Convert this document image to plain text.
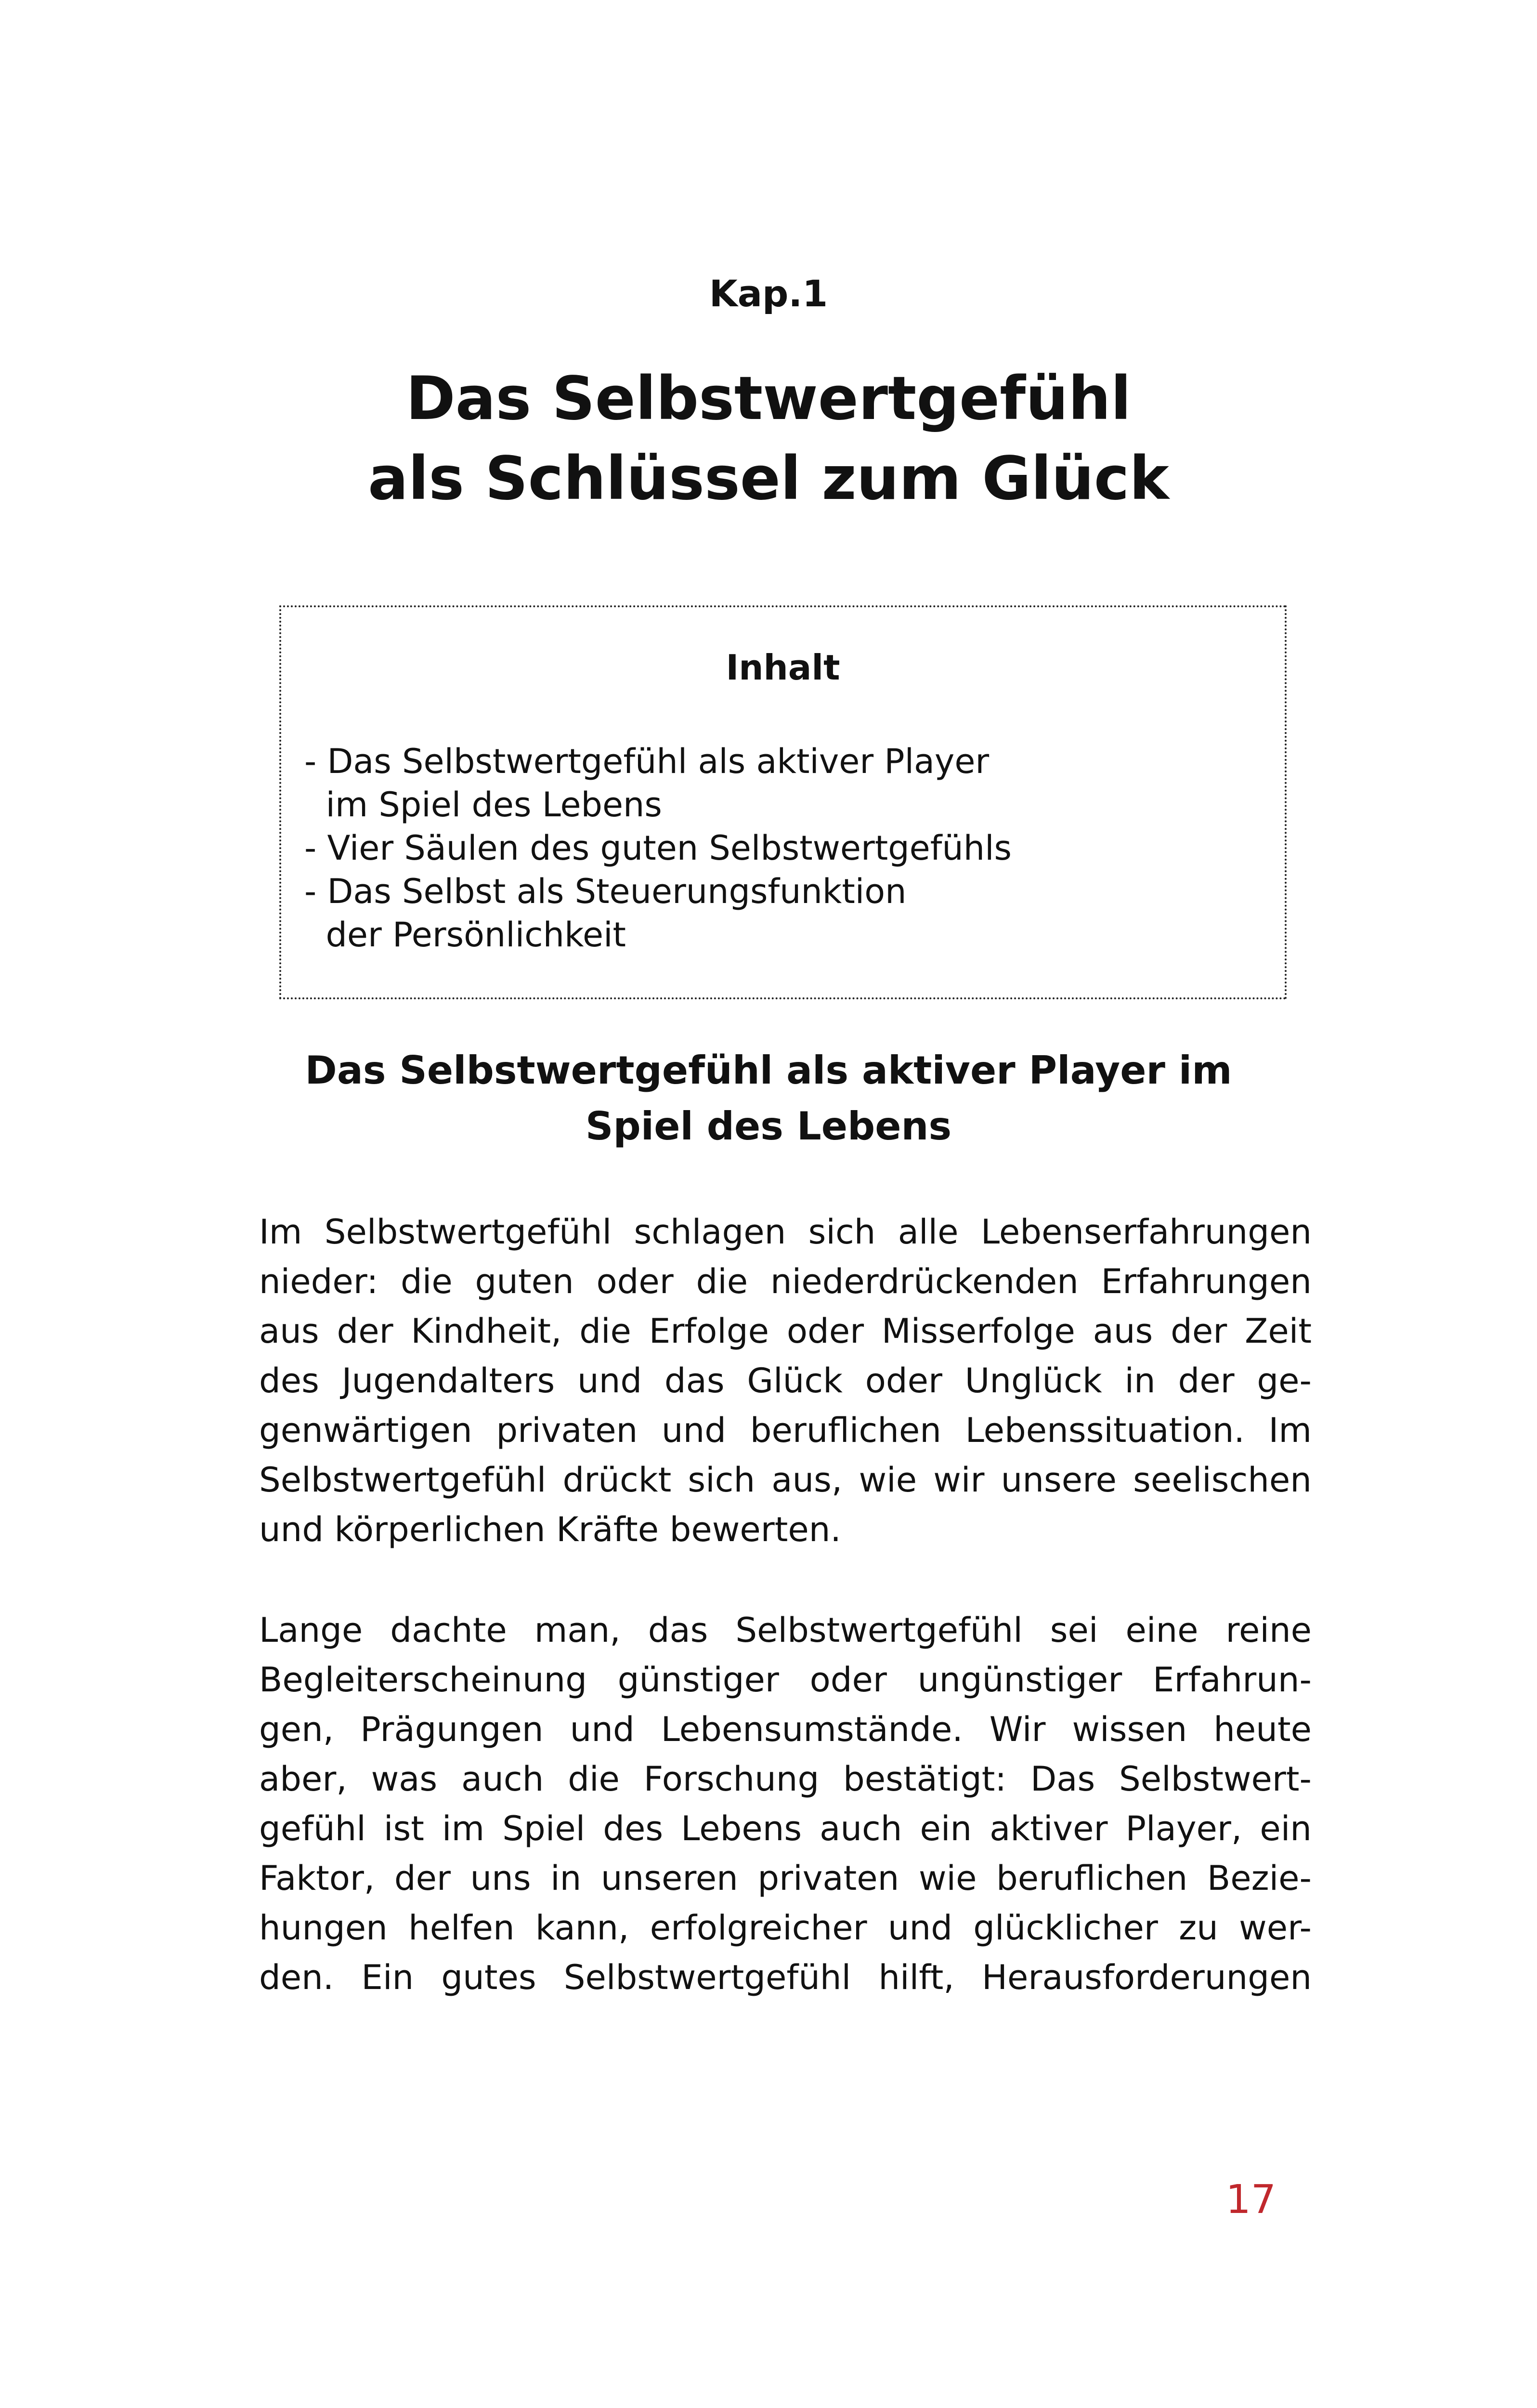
Kap.1
Das Selbstwertgefühl
als Schlüssel zum Glück
Inhalt
- Das Selbstwertgefühl als aktiver Player
im Spiel des Lebens
- Vier Säulen des guten Selbstwertgefühls
- Das Selbst als Steuerungsfunktion
der Persönlichkeit
Das Selbstwertgefühl als aktiver Player im
Spiel des Lebens
Im Selbstwertgefühl schlagen sich alle Lebenserfahrungen
nieder: die guten oder die niederdrückenden Erfahrungen
aus der Kindheit, die Erfolge oder Misserfolge aus der Zeit
des Jugendalters und das Glück oder Unglück in der ge-
genwärtigen privaten und beruflichen Lebenssituation. Im
Selbstwertgefühl drückt sich aus, wie wir unsere seelischen
und körperlichen Kräfte bewerten.
Lange dachte man, das Selbstwertgefühl sei eine reine
Begleiterscheinung günstiger oder ungünstiger Erfahrun-
gen, Prägungen und Lebensumstände. Wir wissen heute
aber, was auch die Forschung bestätigt: Das Selbstwert-
gefühl ist im Spiel des Lebens auch ein aktiver Player, ein
Faktor, der uns in unseren privaten wie beruflichen Bezie-
hungen helfen kann, erfolgreicher und glücklicher zu wer-
den. Ein gutes Selbstwertgefühl hilft, Herausforderungen
17
